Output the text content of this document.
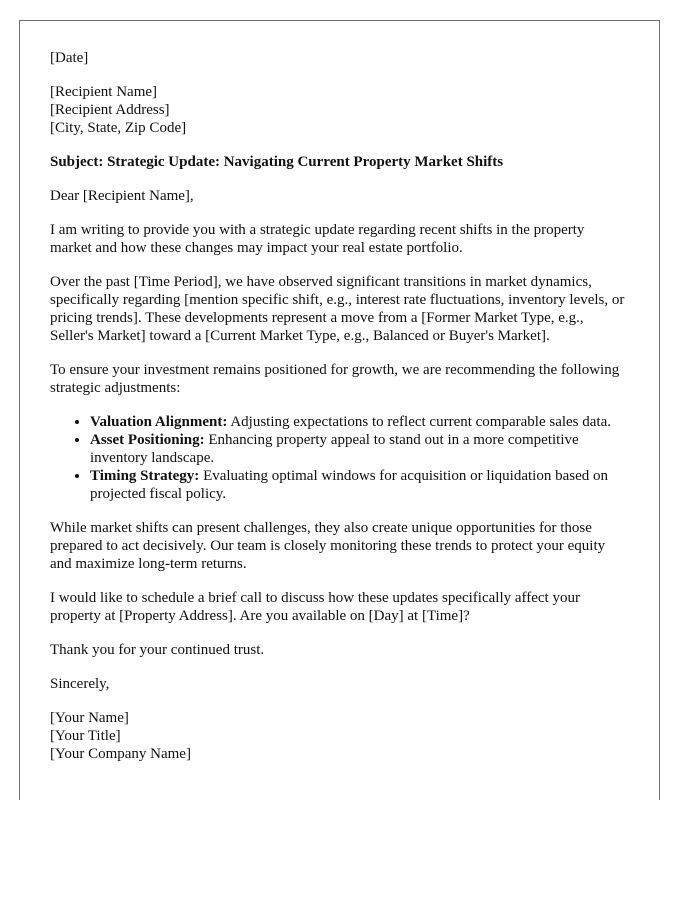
[Date]

[Recipient Name]
[Recipient Address]
[City, State, Zip Code]

Subject: Strategic Update: Navigating Current Property Market Shifts

Dear [Recipient Name],

I am writing to provide you with a strategic update regarding recent shifts in the property market and how these changes may impact your real estate portfolio.

Over the past [Time Period], we have observed significant transitions in market dynamics, specifically regarding [mention specific shift, e.g., interest rate fluctuations, inventory levels, or pricing trends]. These developments represent a move from a [Former Market Type, e.g., Seller's Market] toward a [Current Market Type, e.g., Balanced or Buyer's Market].

To ensure your investment remains positioned for growth, we are recommending the following strategic adjustments:

• Valuation Alignment: Adjusting expectations to reflect current comparable sales data.
• Asset Positioning: Enhancing property appeal to stand out in a more competitive inventory landscape.
• Timing Strategy: Evaluating optimal windows for acquisition or liquidation based on projected fiscal policy.

While market shifts can present challenges, they also create unique opportunities for those prepared to act decisively. Our team is closely monitoring these trends to protect your equity and maximize long-term returns.

I would like to schedule a brief call to discuss how these updates specifically affect your property at [Property Address]. Are you available on [Day] at [Time]?

Thank you for your continued trust.

Sincerely,

[Your Name]
[Your Title]
[Your Company Name]
